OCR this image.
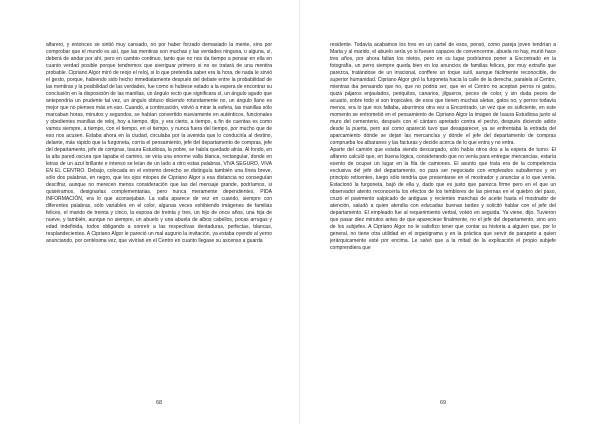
alfarero, y entonces se sintió muy cansado, no por haber forzado demasiado la mente, sino por comprobar que el mundo es así, que las mentiras son muchas y las verdades ninguna, o alguna, sí, deberá de andar por ahí, pero en cambio continuo, tanto que no nos da tiempo a pensar en ella en cuanto verdad posible porque tendremos que averiguar primero si no se tratará de una mentira probable. Cipriano Algor miró de reojo el reloj, si lo que pretendía saber era la hora, de nada le sirvió el gesto, porque, habiendo sido hecho inmediatamente después del debate entre la probabilidad de las mentiras y la posibilidad de las verdades, fue como si hubiese estado a la espera de encontrar su conclusión en la disposición de las manillas, un ángulo recto que significara sí, un ángulo agudo que antepondría un prudente tal vez, un ángulo obtuso diciendo rotundamente no, un ángulo llano es mejor que no pienses más en eso. Cuando, a continuación, volvió a mirar la esfera, las manillas sólo marcaban horas, minutos y segundos, se habían convertido nuevamente en auténticos, funcionales y obedientes manillas de reloj, hoy a tiempo, dijo, y era cierto, a tiempo, a fin de cuentas es como vamos siempre, a tiempo, con el tiempo, en el tiempo, y nunca fuera del tiempo, por mucho que de eso nos acusen. Estaba ahora en la ciudad, circulaba por la avenida que lo conduciría al destino, delante, más rápido que la furgoneta, corría el pensamiento, jefe del departamento de compras, jefe del departamento, jefe de compras, Isaura Estudiosa, la pobre, se había quedado atrás. Al fondo, en la alta pared oscura que tapaba el camino, se veía una enorme valla blanca, rectangular, donde en letras de un azul brillante e intenso se leían de un lado a otro estas palabras, VIVA SEGURO, VIVA EN EL CENTRO. Debajo, colocada en el extremo derecho se distinguía también una línea breve, sólo dos palabras, en negro, que los ojos miopes de Cipriano Algor a esa distancia no conseguían descifrar, aunque no merecen menos consideración que las del mensaje grande, podríamos, si quisiéramos, designarlas complementarias, pero nunca meramente dependientes, PIDA INFORMACIÓN, era lo que aconsejaban. La valla aparece de vez en cuando, siempre con diferentes palabras, sólo variables en el color, algunas veces exhibiendo imágenes de familias felices, el marido de treinta y cinco, la esposa de treinta y tres, un hijo de once años, una hija de nueve, y también, aunque no siempre, un abuelo y una abuela de albos cabellos, pocas arrugas y edad indefinida, todos obligando a sonreír a las respectivas dentaduras, perfectas, blancas, resplandecientes. A Cipriano Algor le pareció un mal augurio la invitación, ya estaba oyendo al yerno anunciando, por centésima vez, que vivirían en el Centro en cuanto llegase su ascenso a guarda

68

residente. Todavía acabamos los tres en un cartel de esos, pensó, como pareja joven tendrían a Marta y al marido, el abuelo sería yo si fuesen capaces de convencerme, abuela no hay, murió hace tres años, por ahora faltan los nietos, pero en su lugar podríamos poner a Encontrado en la fotografía, un perro siempre queda bien en los anuncios de familias felices, por muy extraño que parezca, tratándose de un irracional, conffere un toque sutil, aunque fácilmente reconocible, de superior humanidad. Cipriano Algor giró la furgoneta hacia la calle de la derecha, paralela al Centro, mientras iba pensando que no, que no podría ser, que en el Centro no aceptan perros ni gatos, quizá pájaros enjaulados, periquitos, canarios, jilgueros, peces de color, y sin duda peces de acuario, sobre todo si son tropicales, de esos que tienen muchas aletas, gatos no, y perros todavía menos, era lo que nos faltaba, aburrimos otra vez a Encontrado, un vez que es suficiente, en este momento se entrometió en el pensamiento de Cipriano Algor la imagen de Isaura Estudiosa junto al muro del cementerio, después con el cántaro apretado contra el pecho, después diciendo adiós desde la puerta, pero así como apareció tuvo que desaparecer, ya se enfrentaba la entrada del aparcamiento dónde se dejan las mercancías y dónde el jefe del departamento de compras comprueba los albaranes y las facturas y decide acerca de lo que entra y no entra.
Aparte del camión que estaba siendo descargado, sólo había otros dos a la espera de turno. El alfarero calculó que, en buena lógica, considerando que no venía para entregar mercancías, estaría exento de ocupar un lugar en la fila de camiones. El asunto que traía era de la competencia exclusiva del jefe del departamento, no para ser negociado con empleados subalternos y en principio reticentes, luego sólo tendría que presentarse en el mostrador y anunciar a lo que venía. Estacionó la furgoneta, bajó de ella y, dado que es justo que parezca firme pero en el que un observador atento reconocería los efectos de los temblores de las piernas en el quiebro del paso, cruzó el pavimento salpicado de antiguas y recientes manchas de aceite hasta el mostrador de atención, saludó a quien atendía con educadas buenas tardes y solicitó hablar con el jefe del departamento. El empleado fue al requerimiento verbal, volvió en seguida. Ya viene, dijo. Tuvieron que pasar diez minutos antes de que apareciese finalmente, no el jefe del departamento, sino uno de los subjefes. A Cipriano Algor no le satisfizo tener que contar su historia a alguien que, por lo general, no tiene otra utilidad en el organigrama y en la práctica que servir de parapeto a quien jerárquicamente esté por encima. Le salvó que a la mitad de la explicación el propio subjefe comprendiera que

69
